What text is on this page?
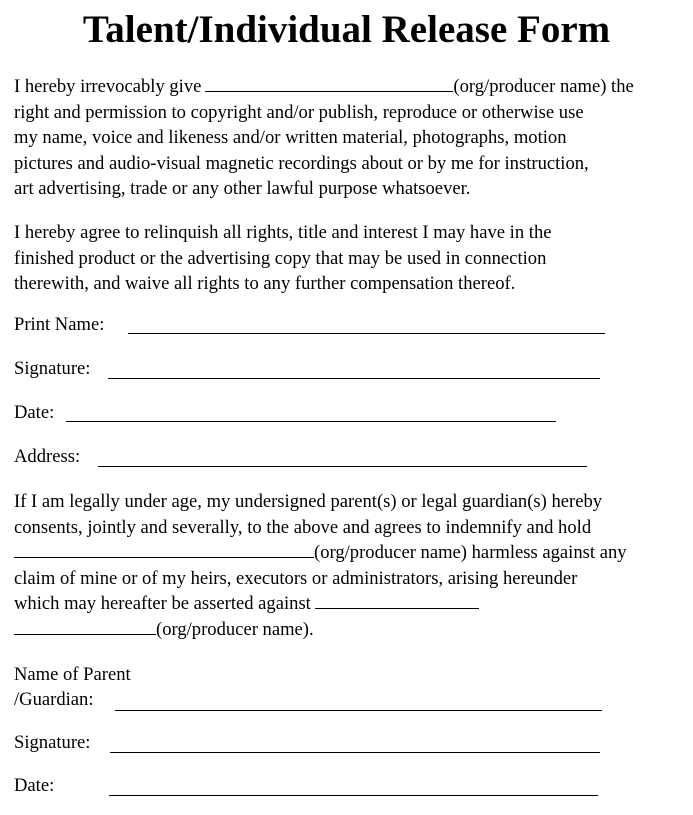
Talent/Individual Release Form
I hereby irrevocably give	(org/producer name) the
right and permission to copyright and/or publish, reproduce or otherwise use
my name, voice and likeness and/or written material, photographs, motion
pictures and audio-visual magnetic recordings about or by me for instruction,
art advertising, trade or any other lawful purpose whatsoever.
I hereby agree to relinquish all rights, title and interest I may have in the
finished product or the advertising copy that may be used in connection
therewith, and waive all rights to any further compensation thereof.
Print Name:
Signature:
Date:
Address:
If I am legally under age, my undersigned parent(s) or legal guardian(s) hereby
consents, jointly and severally, to the above and agrees to indemnify and hold
(org/producer name) harmless against any
claim of mine or of my heirs, executors or administrators, arising hereunder
which may hereafter be asserted against
(org/producer name).
Name of Parent
/Guardian:
Signature:
Date:
